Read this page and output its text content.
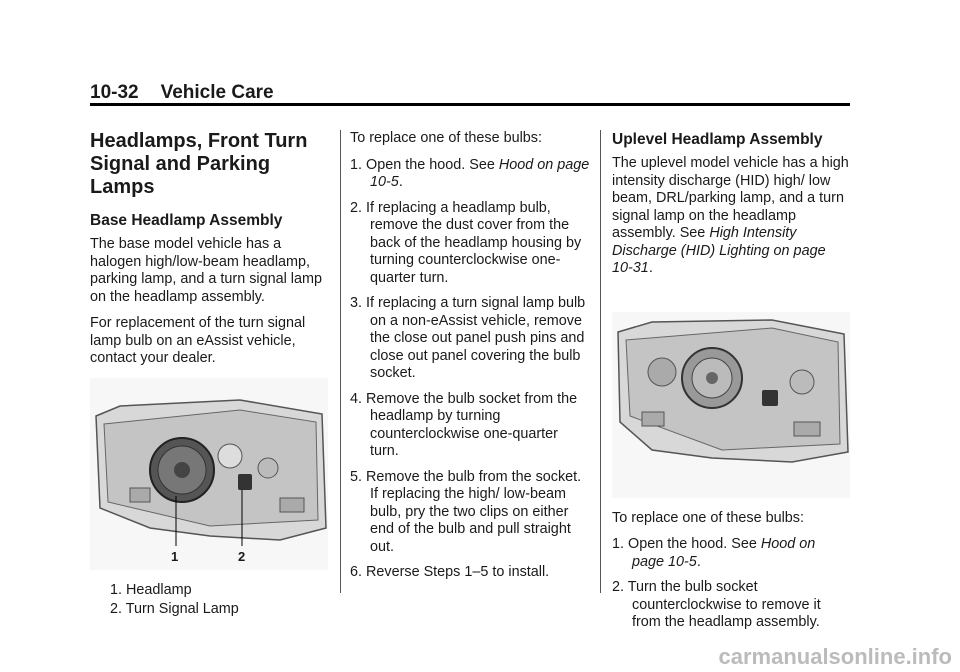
10-32 Vehicle Care
Headlamps, Front Turn Signal and Parking Lamps
Base Headlamp Assembly

The base model vehicle has a halogen high/low-beam headlamp, parking lamp, and a turn signal lamp on the headlamp assembly.

For replacement of the turn signal lamp bulb on an eAssist vehicle, contact your dealer.

1	2
1. Headlamp
2. Turn Signal Lamp

To replace one of these bulbs:

1. Open the hood. See Hood on page 10-5.
2. If replacing a headlamp bulb, remove the dust cover from the back of the headlamp housing by turning counterclockwise one-quarter turn.
3. If replacing a turn signal lamp bulb on a non-eAssist vehicle, remove the close out panel push pins and close out panel covering the bulb socket.
4. Remove the bulb socket from the headlamp by turning counterclockwise one-quarter turn.
5. Remove the bulb from the socket. If replacing the high/ low-beam bulb, pry the two clips on either end of the bulb and pull straight out.
6. Reverse Steps 1–5 to install.
Uplevel Headlamp Assembly

The uplevel model vehicle has a high intensity discharge (HID) high/ low beam, DRL/parking lamp, and a turn signal lamp on the headlamp assembly. See High Intensity Discharge (HID) Lighting on page 10-31.

To replace one of these bulbs:

1. Open the hood. See Hood on page 10-5.
2. Turn the bulb socket counterclockwise to remove it from the headlamp assembly.
carmanualsonline.info
